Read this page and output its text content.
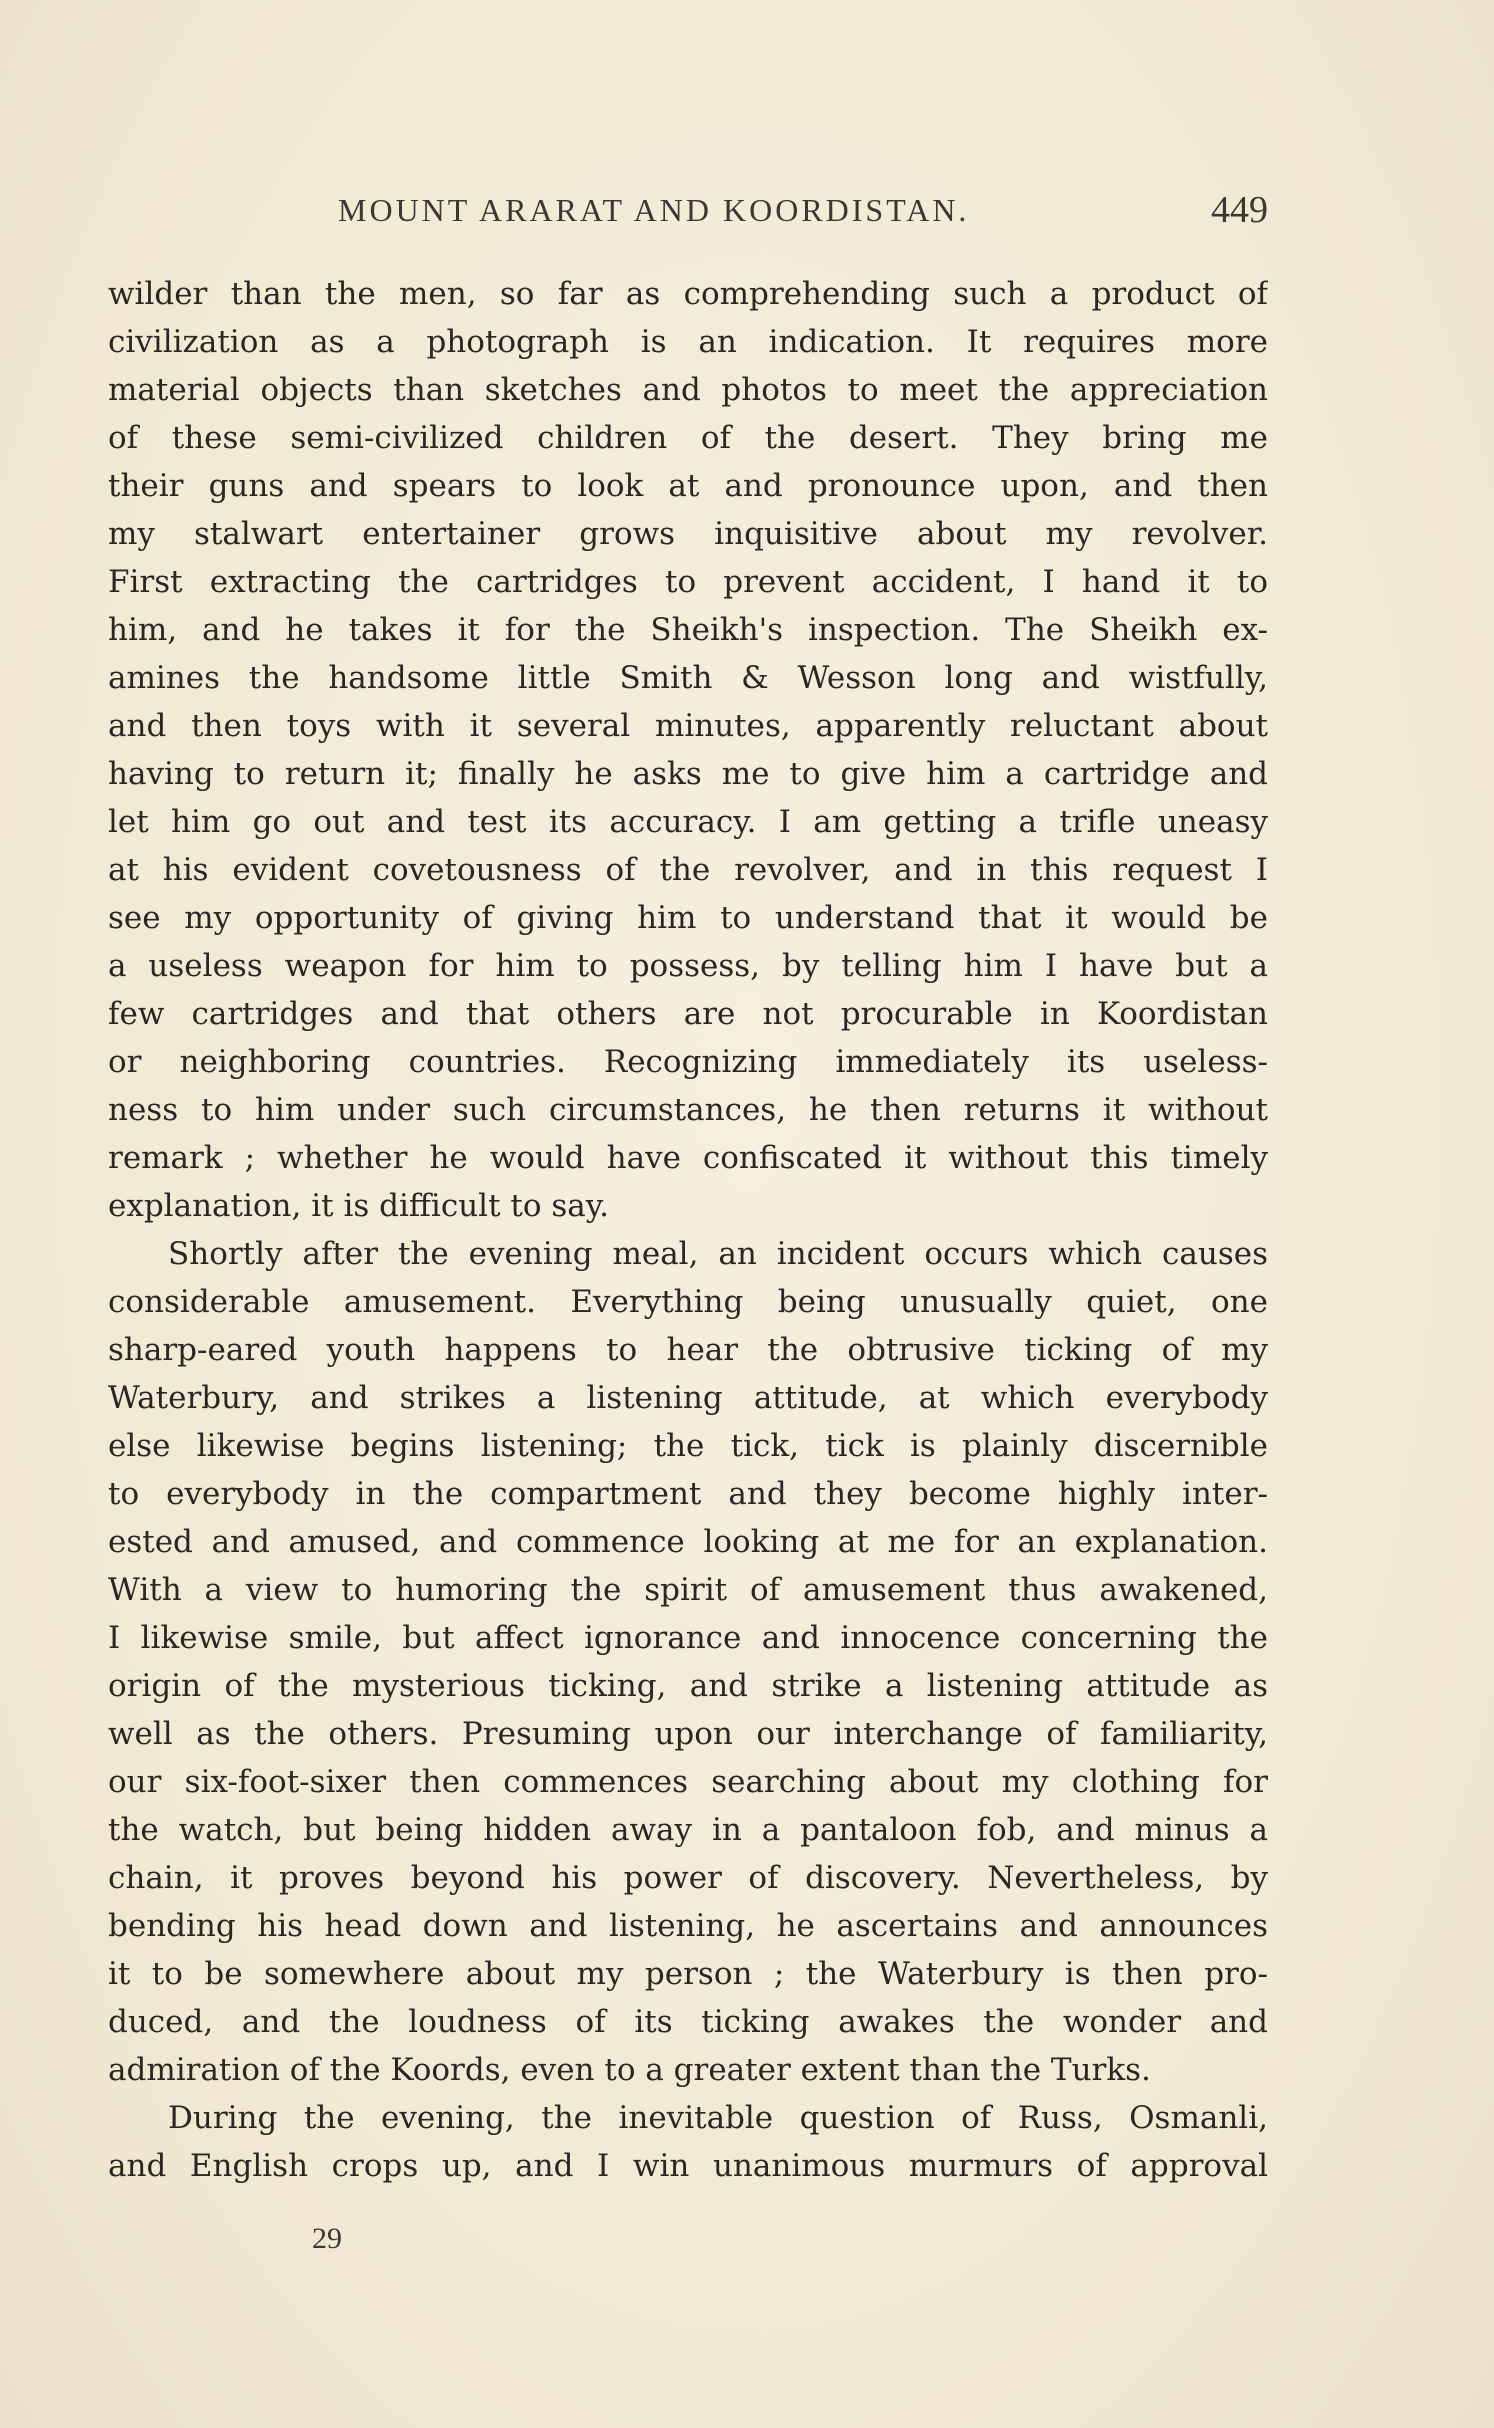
MOUNT ARARAT AND KOORDISTAN.	449
wilder than the men, so far as comprehending such a product of
civilization as a photograph is an indication. It requires more
material objects than sketches and photos to meet the appreciation
of these semi-civilized children of the desert. They bring me
their guns and spears to look at and pronounce upon, and then
my stalwart entertainer grows inquisitive about my revolver.
First extracting the cartridges to prevent accident, I hand it to
him, and he takes it for the Sheikh's inspection. The Sheikh ex-
amines the handsome little Smith & Wesson long and wistfully,
and then toys with it several minutes, apparently reluctant about
having to return it; finally he asks me to give him a cartridge and
let him go out and test its accuracy. I am getting a trifle uneasy
at his evident covetousness of the revolver, and in this request I
see my opportunity of giving him to understand that it would be
a useless weapon for him to possess, by telling him I have but a
few cartridges and that others are not procurable in Koordistan
or neighboring countries. Recognizing immediately its useless-
ness to him under such circumstances, he then returns it without
remark ; whether he would have confiscated it without this timely
explanation, it is difficult to say.
Shortly after the evening meal, an incident occurs which causes
considerable amusement. Everything being unusually quiet, one
sharp-eared youth happens to hear the obtrusive ticking of my
Waterbury, and strikes a listening attitude, at which everybody
else likewise begins listening; the tick, tick is plainly discernible
to everybody in the compartment and they become highly inter-
ested and amused, and commence looking at me for an explanation.
With a view to humoring the spirit of amusement thus awakened,
I likewise smile, but affect ignorance and innocence concerning the
origin of the mysterious ticking, and strike a listening attitude as
well as the others. Presuming upon our interchange of familiarity,
our six-foot-sixer then commences searching about my clothing for
the watch, but being hidden away in a pantaloon fob, and minus a
chain, it proves beyond his power of discovery. Nevertheless, by
bending his head down and listening, he ascertains and announces
it to be somewhere about my person ; the Waterbury is then pro-
duced, and the loudness of its ticking awakes the wonder and
admiration of the Koords, even to a greater extent than the Turks.
During the evening, the inevitable question of Russ, Osmanli,
and English crops up, and I win unanimous murmurs of approval
29
